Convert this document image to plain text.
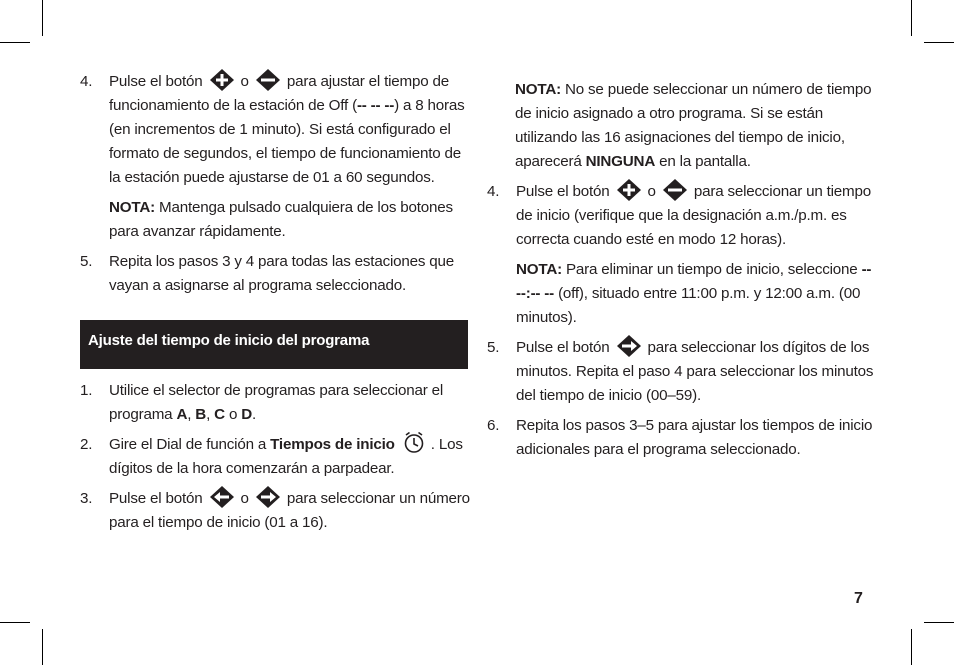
4. Pulse el botón	o	para ajustar el tiempo de funcionamiento de la estación de Off (-- -- --) a 8 horas (en incrementos de 1 minuto). Si está configurado el formato de segundos, el tiempo de funcionamiento de la estación puede ajustarse de 01 a 60 segundos.
NOTA: Mantenga pulsado cualquiera de los botones para avanzar rápidamente.
5. Repita los pasos 3 y 4 para todas las estaciones que vayan a asignarse al programa seleccionado.
Ajuste del tiempo de inicio del programa
1. Utilice el selector de programas para seleccionar el programa A, B, C o D.
2. Gire el Dial de función a Tiempos de inicio . Los dígitos de la hora comenzarán a parpadear.
3. Pulse el botón	o	para seleccionar un número para el tiempo de inicio (01 a 16).
NOTA: No se puede seleccionar un número de tiempo de inicio asignado a otro programa. Si se están utilizando las 16 asignaciones del tiempo de inicio, aparecerá NINGUNA en la pantalla.
4. Pulse el botón	o	para seleccionar un tiempo de inicio (verifique que la designación a.m./p.m. es correcta cuando esté en modo 12 horas).
NOTA: Para eliminar un tiempo de inicio, seleccione -- --:-- -- (off), situado entre 11:00 p.m. y 12:00 a.m. (00 minutos).
5. Pulse el botón	para seleccionar los dígitos de los minutos. Repita el paso 4 para seleccionar los minutos del tiempo de inicio (00–59).
6. Repita los pasos 3–5 para ajustar los tiempos de inicio adicionales para el programa seleccionado.
7
